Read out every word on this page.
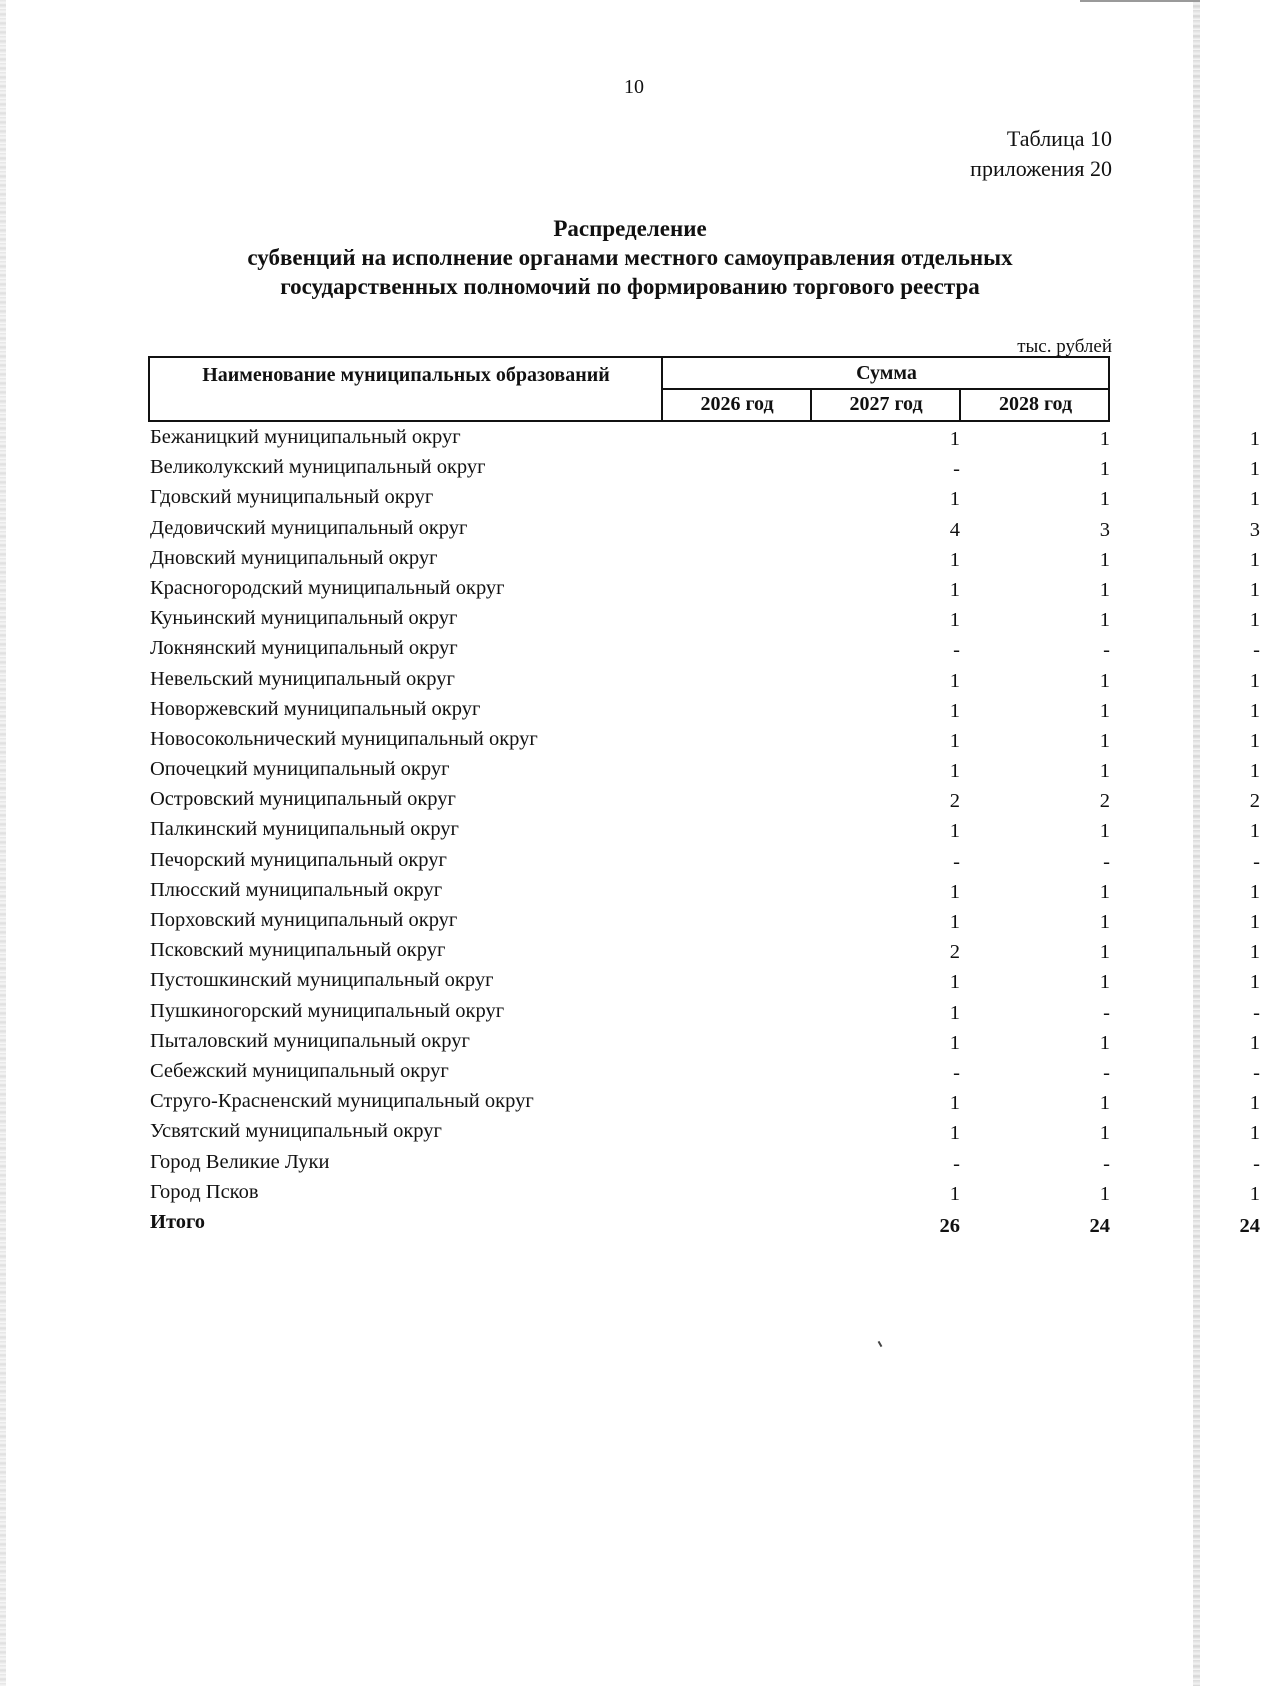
10
Таблица 10
приложения 20
Распределение
субвенций на исполнение органами местного самоуправления отдельных
государственных полномочий по формированию торгового реестра
тыс. рублей
Наименование муниципальных образований	Сумма
2026 год	2027 год	2028 год
Бежаницкий муниципальный округ	1	1	1
Великолукский муниципальный округ	-	1	1
Гдовский муниципальный округ	1	1	1
Дедовичский муниципальный округ	4	3	3
Дновский муниципальный округ	1	1	1
Красногородский муниципальный округ	1	1	1
Куньинский муниципальный округ	1	1	1
Локнянский муниципальный округ	-	-	-
Невельский муниципальный округ	1	1	1
Новоржевский муниципальный округ	1	1	1
Новосокольнический муниципальный округ	1	1	1
Опочецкий муниципальный округ	1	1	1
Островский муниципальный округ	2	2	2
Палкинский муниципальный округ	1	1	1
Печорский муниципальный округ	-	-	-
Плюсский муниципальный округ	1	1	1
Порховский муниципальный округ	1	1	1
Псковский муниципальный округ	2	1	1
Пустошкинский муниципальный округ	1	1	1
Пушкиногорский муниципальный округ	1	-	-
Пыталовский муниципальный округ	1	1	1
Себежский муниципальный округ	-	-	-
Струго-Красненский муниципальный округ	1	1	1
Усвятский муниципальный округ	1	1	1
Город Великие Луки	-	-	-
Город Псков	1	1	1
Итого	26	24	24
